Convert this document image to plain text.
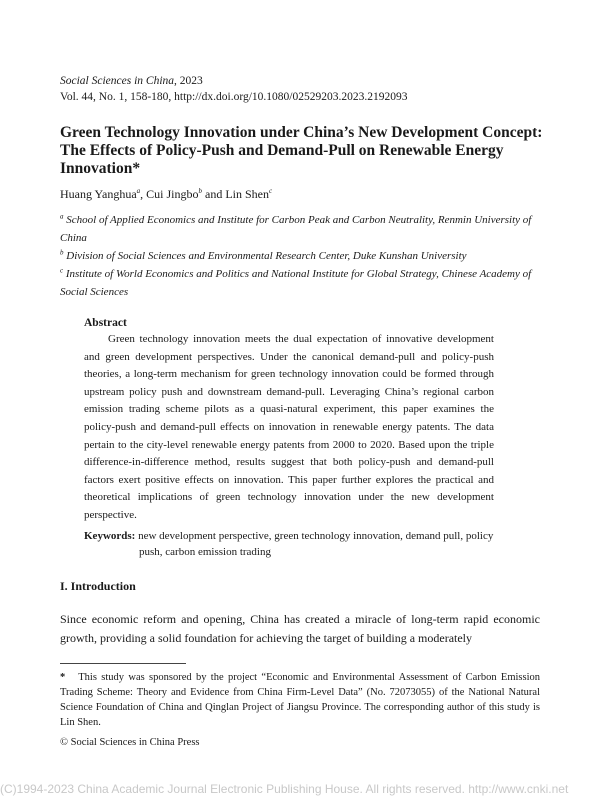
Social Sciences in China, 2023
Vol. 44, No. 1, 158-180, http://dx.doi.org/10.1080/02529203.2023.2192093
Green Technology Innovation under China’s New Development Concept: The Effects of Policy-Push and Demand-Pull on Renewable Energy Innovation*
Huang Yanghua$^a$, Cui Jingbo$^b$ and Lin Shen$^c$
$^a$ School of Applied Economics and Institute for Carbon Peak and Carbon Neutrality, Renmin University of China
$^b$ Division of Social Sciences and Environmental Research Center, Duke Kunshan University
$^c$ Institute of World Economics and Politics and National Institute for Global Strategy, Chinese Academy of Social Sciences
Abstract
Green technology innovation meets the dual expectation of innovative development and green development perspectives. Under the canonical demand-pull and policy-push theories, a long-term mechanism for green technology innovation could be formed through upstream policy push and downstream demand-pull. Leveraging China’s regional carbon emission trading scheme pilots as a quasi-natural experiment, this paper examines the policy-push and demand-pull effects on innovation in renewable energy patents. The data pertain to the city-level renewable energy patents from 2000 to 2020. Based upon the triple difference-in-difference method, results suggest that both policy-push and demand-pull factors exert positive effects on innovation. This paper further explores the practical and theoretical implications of green technology innovation under the new development perspective.
Keywords: new development perspective, green technology innovation, demand pull, policy
push, carbon emission trading
I. Introduction
Since economic reform and opening, China has created a miracle of long-term rapid economic growth, providing a solid foundation for achieving the target of building a moderately
* This study was sponsored by the project “Economic and Environmental Assessment of Carbon Emission Trading Scheme: Theory and Evidence from China Firm-Level Data” (No. 72073055) of the National Natural Science Foundation of China and Qinglan Project of Jiangsu Province. The corresponding author of this study is Lin Shen.
© Social Sciences in China Press
(C)1994-2023 China Academic Journal Electronic Publishing House. All rights reserved. http://www.cnki.net
